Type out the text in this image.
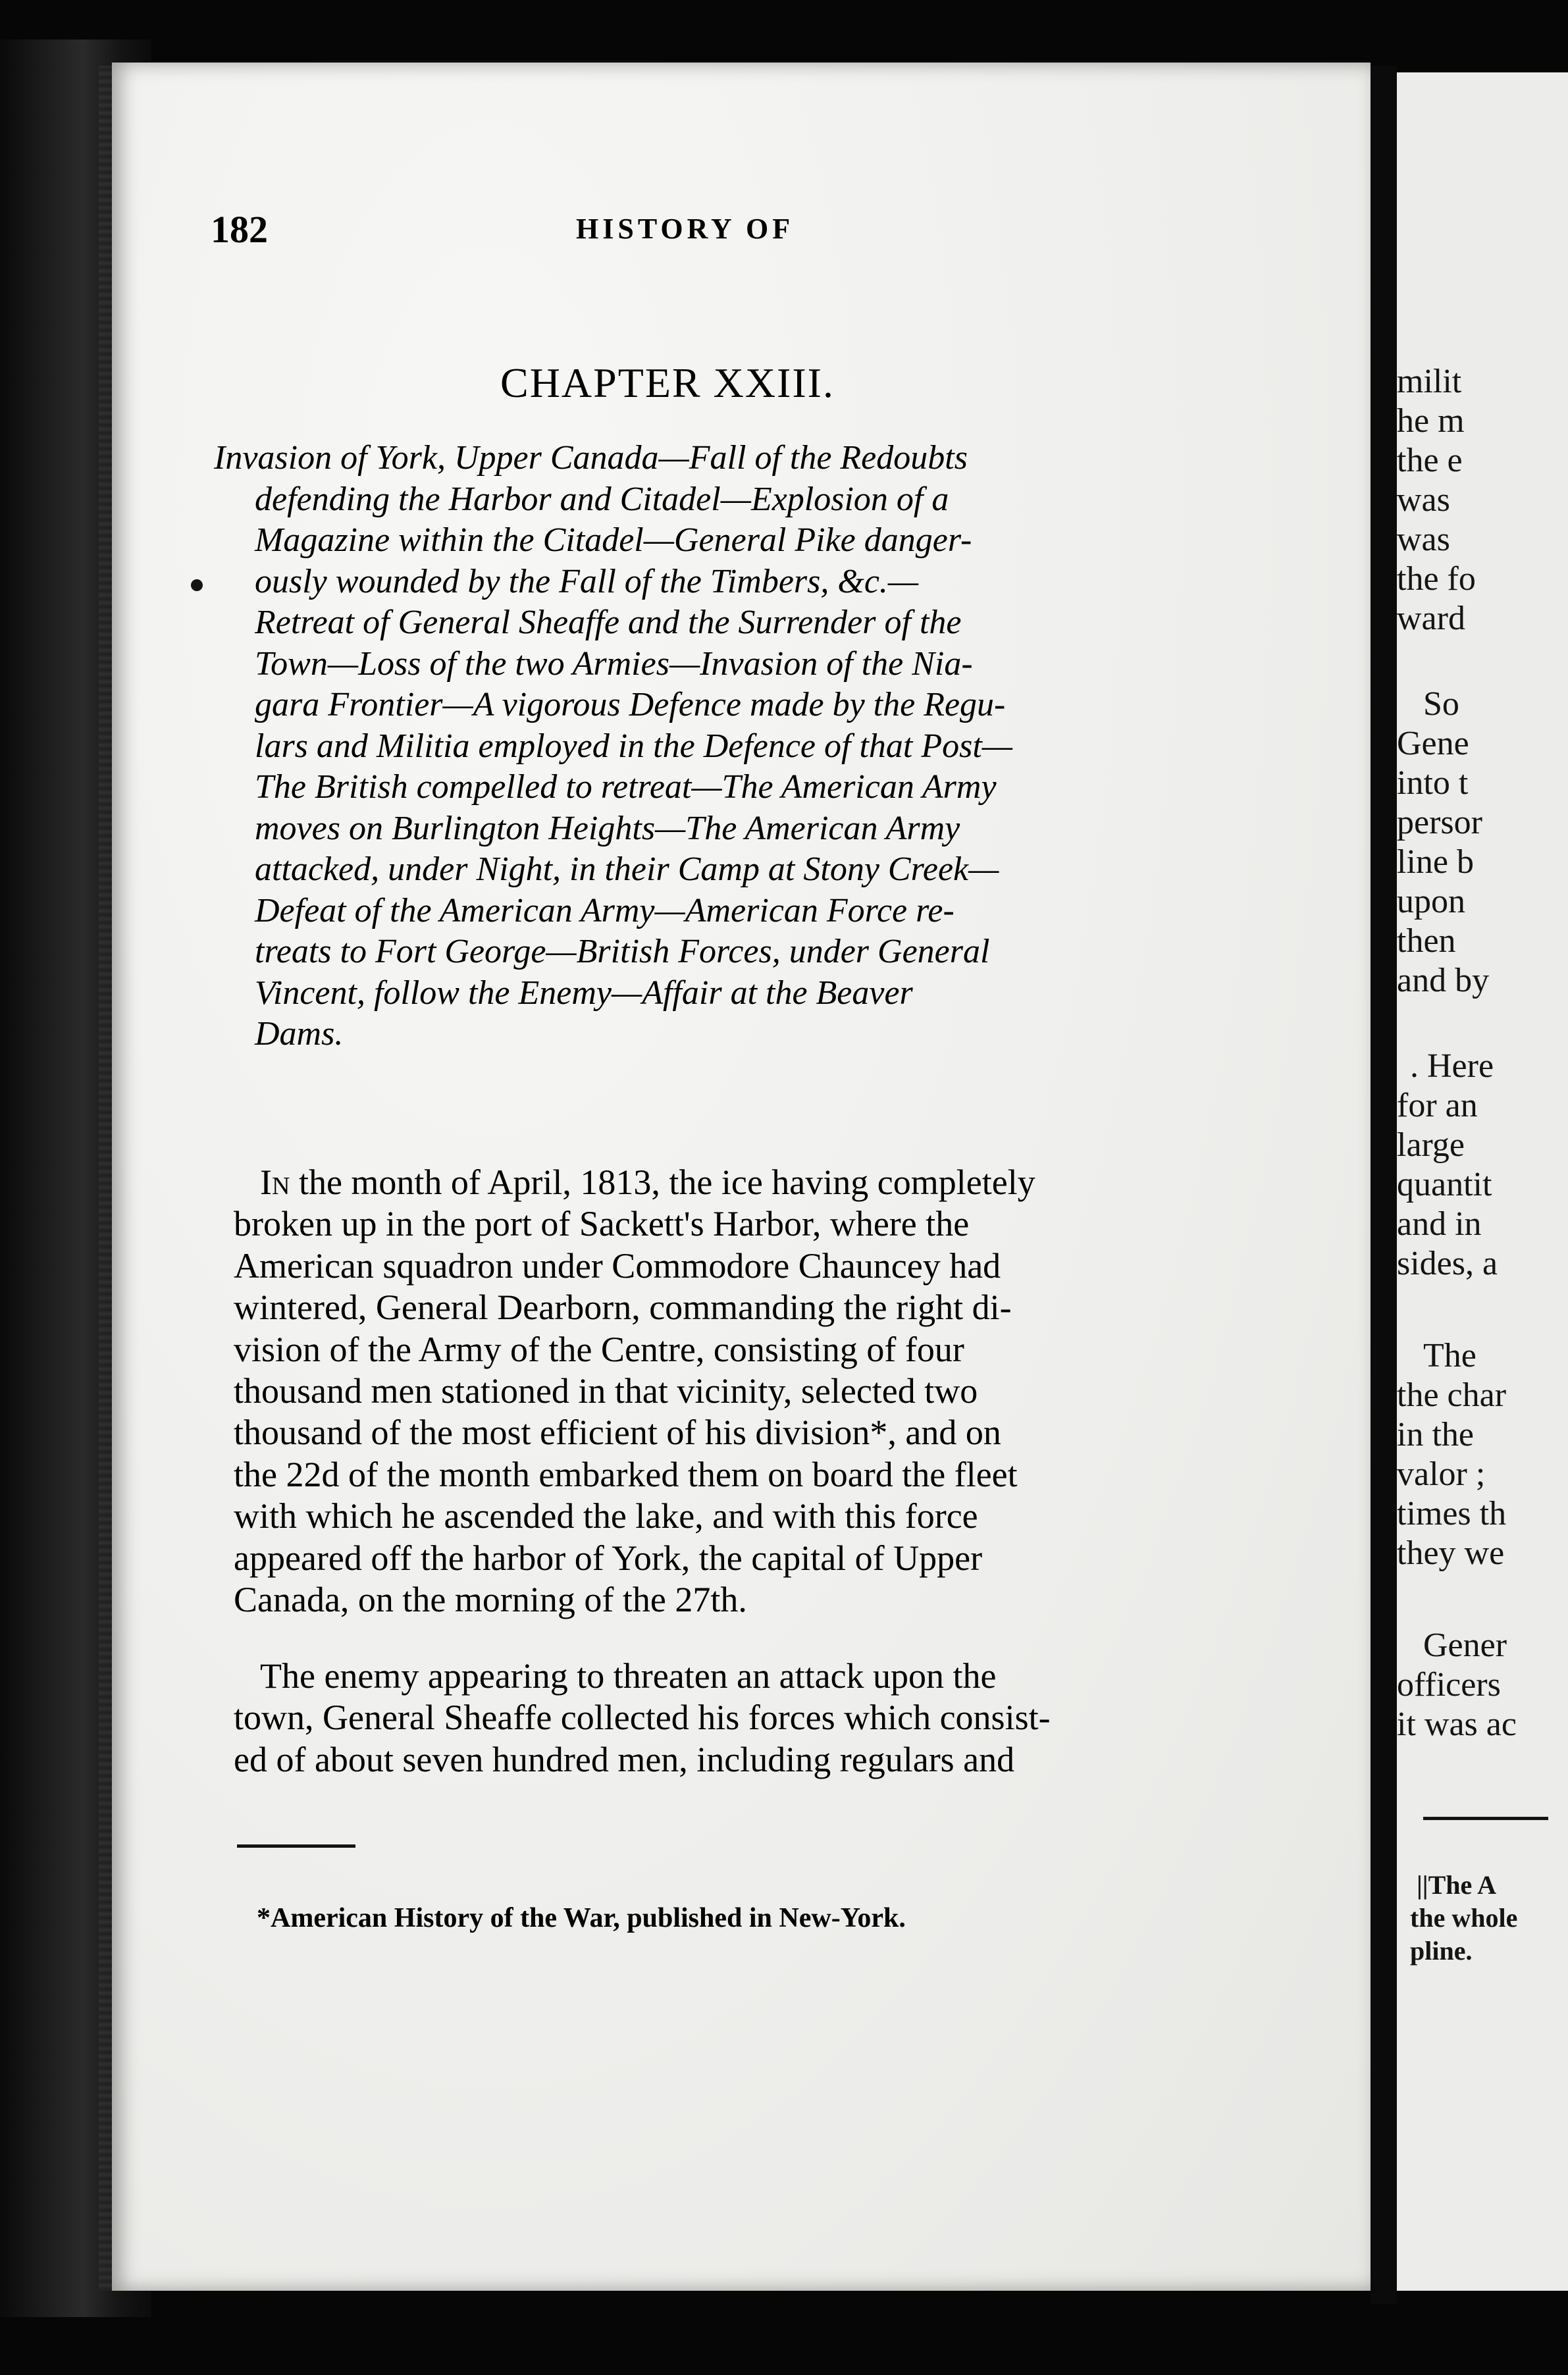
182	HISTORY OF
CHAPTER XXIII.
Invasion of York, Upper Canada—Fall of the Redoubts
defending the Harbor and Citadel—Explosion of a
Magazine within the Citadel—General Pike danger-
ously wounded by the Fall of the Timbers, &c.—
Retreat of General Sheaffe and the Surrender of the
Town—Loss of the two Armies—Invasion of the Nia-
gara Frontier—A vigorous Defence made by the Regu-
lars and Militia employed in the Defence of that Post—
The British compelled to retreat—The American Army
moves on Burlington Heights—The American Army
attacked, under Night, in their Camp at Stony Creek—
Defeat of the American Army—American Force re-
treats to Fort George—British Forces, under General
Vincent, follow the Enemy—Affair at the Beaver
Dams.
In the month of April, 1813, the ice having completely
broken up in the port of Sackett's Harbor, where the
American squadron under Commodore Chauncey had
wintered, General Dearborn, commanding the right di-
vision of the Army of the Centre, consisting of four
thousand men stationed in that vicinity, selected two
thousand of the most efficient of his division*, and on
the 22d of the month embarked them on board the fleet
with which he ascended the lake, and with this force
appeared off the harbor of York, the capital of Upper
Canada, on the morning of the 27th.
The enemy appearing to threaten an attack upon the
town, General Sheaffe collected his forces which consist-
ed of about seven hundred men, including regulars and
*American History of the War, published in New-York.
milit
he m
the e
was
was
the fo
ward
So
Gene
into t
persor
line b
upon
then
and by
. Here
for an
large
quantit
and in
sides, a
The
the char
in the
valor ;
times th
they we
Gener
officers
it was ac
||The A
the whole
pline.
